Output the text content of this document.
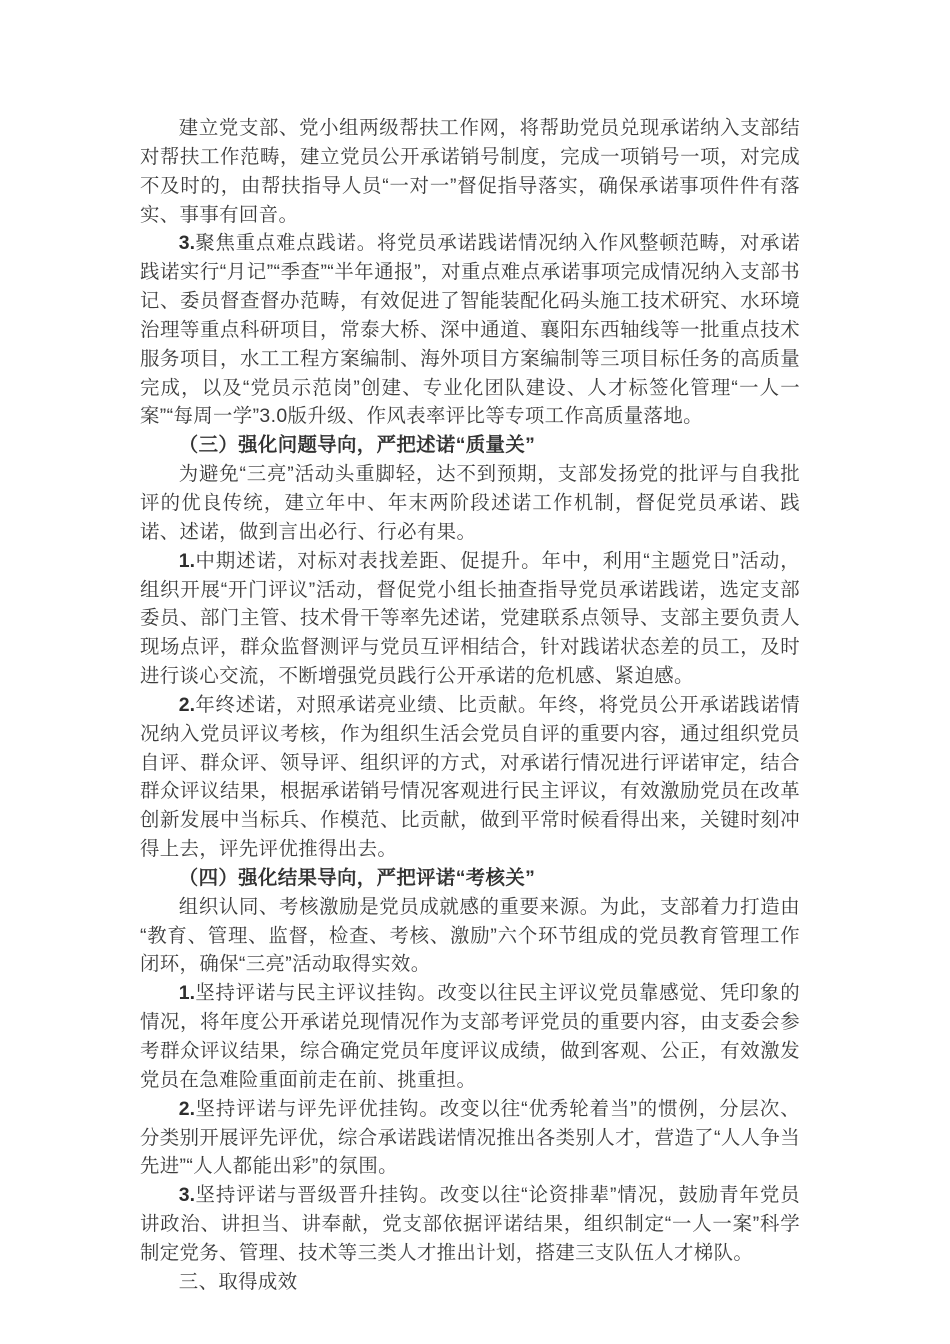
建立党支部、党小组两级帮扶工作网，将帮助党员兑现承诺纳入支部结对帮扶工作范畴，建立党员公开承诺销号制度，完成一项销号一项，对完成不及时的，由帮扶指导人员“一对一”督促指导落实，确保承诺事项件件有落实、事事有回音。

3.聚焦重点难点践诺。将党员承诺践诺情况纳入作风整顿范畴，对承诺践诺实行“月记”“季查”“半年通报”，对重点难点承诺事项完成情况纳入支部书记、委员督查督办范畴，有效促进了智能装配化码头施工技术研究、水环境治理等重点科研项目，常泰大桥、深中通道、襄阳东西轴线等一批重点技术服务项目，水工工程方案编制、海外项目方案编制等三项目标任务的高质量完成，以及“党员示范岗”创建、专业化团队建设、人才标签化管理“一人一案”“每周一学”3.0版升级、作风表率评比等专项工作高质量落地。

（三）强化问题导向，严把述诺“质量关”

为避免“三亮”活动头重脚轻，达不到预期，支部发扬党的批评与自我批评的优良传统，建立年中、年末两阶段述诺工作机制，督促党员承诺、践诺、述诺，做到言出必行、行必有果。

1.中期述诺，对标对表找差距、促提升。年中，利用“主题党日”活动，组织开展“开门评议”活动，督促党小组长抽查指导党员承诺践诺，选定支部委员、部门主管、技术骨干等率先述诺，党建联系点领导、支部主要负责人现场点评，群众监督测评与党员互评相结合，针对践诺状态差的员工，及时进行谈心交流，不断增强党员践行公开承诺的危机感、紧迫感。

2.年终述诺，对照承诺亮业绩、比贡献。年终，将党员公开承诺践诺情况纳入党员评议考核，作为组织生活会党员自评的重要内容，通过组织党员自评、群众评、领导评、组织评的方式，对承诺行情况进行评诺审定，结合群众评议结果，根据承诺销号情况客观进行民主评议，有效激励党员在改革创新发展中当标兵、作模范、比贡献，做到平常时候看得出来，关键时刻冲得上去，评先评优推得出去。

（四）强化结果导向，严把评诺“考核关”

组织认同、考核激励是党员成就感的重要来源。为此，支部着力打造由“教育、管理、监督，检查、考核、激励”六个环节组成的党员教育管理工作闭环，确保“三亮”活动取得实效。

1.坚持评诺与民主评议挂钩。改变以往民主评议党员靠感觉、凭印象的情况，将年度公开承诺兑现情况作为支部考评党员的重要内容，由支委会参考群众评议结果，综合确定党员年度评议成绩，做到客观、公正，有效激发党员在急难险重面前走在前、挑重担。

2.坚持评诺与评先评优挂钩。改变以往“优秀轮着当”的惯例，分层次、分类别开展评先评优，综合承诺践诺情况推出各类别人才，营造了“人人争当先进”“人人都能出彩”的氛围。

3.坚持评诺与晋级晋升挂钩。改变以往“论资排辈”情况，鼓励青年党员讲政治、讲担当、讲奉献，党支部依据评诺结果，组织制定“一人一案”科学制定党务、管理、技术等三类人才推出计划，搭建三支队伍人才梯队。

三、取得成效
